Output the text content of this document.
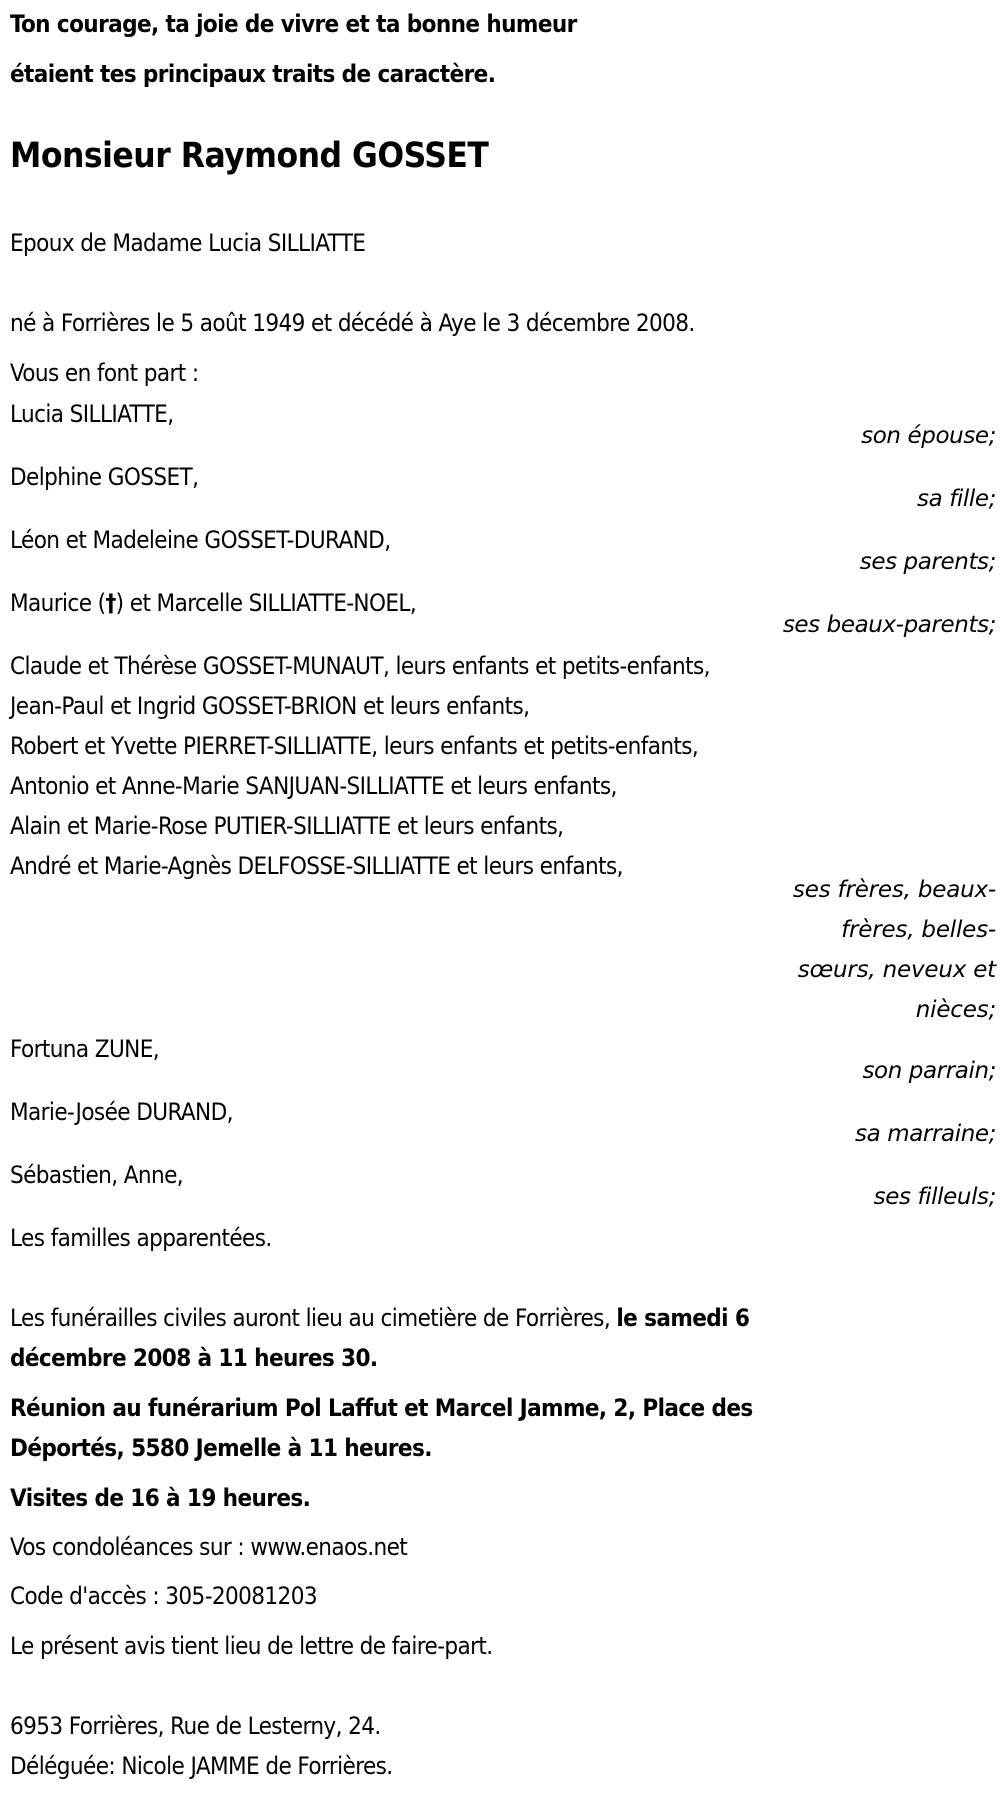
Ton courage, ta joie de vivre et ta bonne humeur
étaient tes principaux traits de caractère.
Monsieur Raymond GOSSET
Epoux de Madame Lucia SILLIATTE
né à Forrières le 5 août 1949 et décédé à Aye le 3 décembre 2008.
Vous en font part :
Lucia SILLIATTE,
son épouse;
Delphine GOSSET,
sa fille;
Léon et Madeleine GOSSET-DURAND,
ses parents;
Maurice (†) et Marcelle SILLIATTE-NOEL,
ses beaux-parents;
Claude et Thérèse GOSSET-MUNAUT, leurs enfants et petits-enfants,
Jean-Paul et Ingrid GOSSET-BRION et leurs enfants,
Robert et Yvette PIERRET-SILLIATTE, leurs enfants et petits-enfants,
Antonio et Anne-Marie SANJUAN-SILLIATTE et leurs enfants,
Alain et Marie-Rose PUTIER-SILLIATTE et leurs enfants,
André et Marie-Agnès DELFOSSE-SILLIATTE et leurs enfants,
ses frères, beaux-
frères, belles-
sœurs, neveux et
nièces;
Fortuna ZUNE,
son parrain;
Marie-Josée DURAND,
sa marraine;
Sébastien, Anne,
ses filleuls;
Les familles apparentées.
Les funérailles civiles auront lieu au cimetière de Forrières, le samedi 6
décembre 2008 à 11 heures 30.
Réunion au funérarium Pol Laffut et Marcel Jamme, 2, Place des
Déportés, 5580 Jemelle à 11 heures.
Visites de 16 à 19 heures.
Vos condoléances sur : www.enaos.net
Code d'accès : 305-20081203
Le présent avis tient lieu de lettre de faire-part.
6953 Forrières, Rue de Lesterny, 24.
Déléguée: Nicole JAMME de Forrières.
